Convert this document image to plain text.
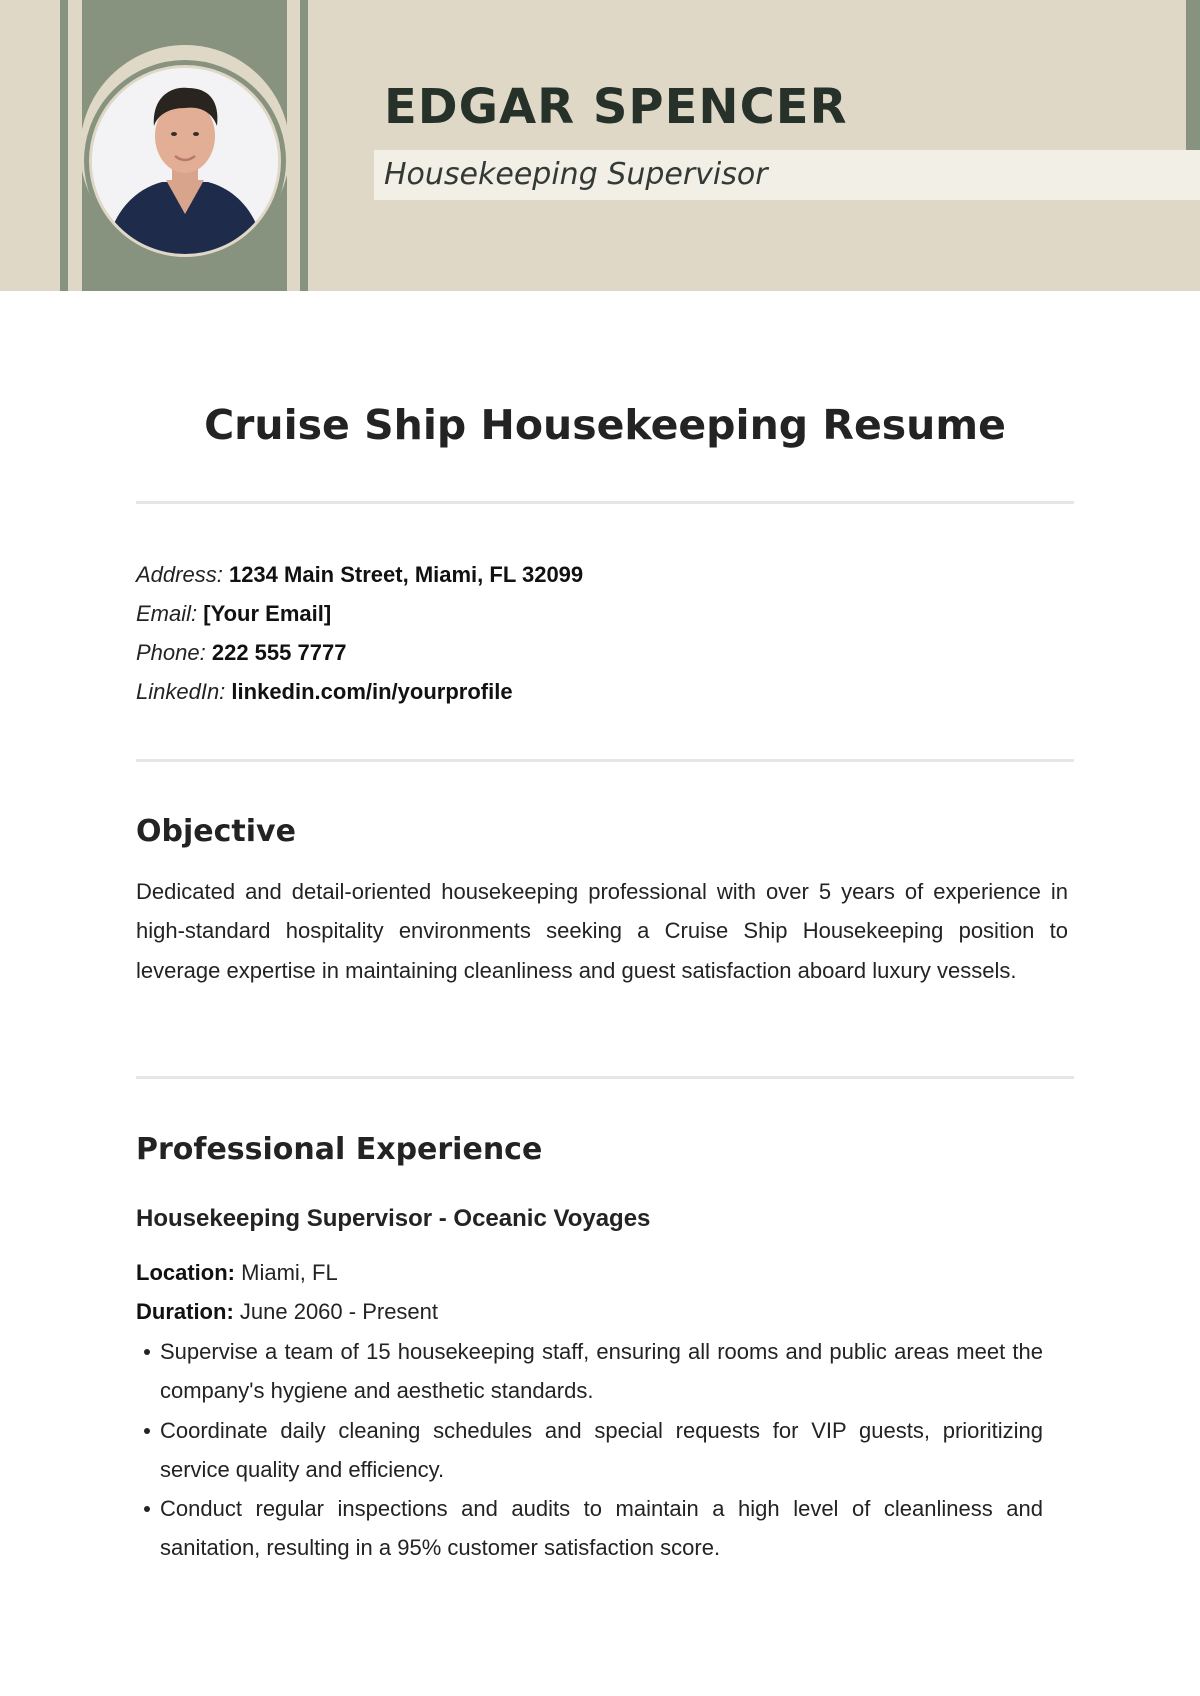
EDGAR SPENCER

Housekeeping Supervisor

Cruise Ship Housekeeping Resume
Address: 1234 Main Street, Miami, FL 32099
Email: [Your Email]
Phone: 222 555 7777
LinkedIn: linkedin.com/in/yourprofile
Objective

Dedicated and detail-oriented housekeeping professional with over 5 years of experience in high-standard hospitality environments seeking a Cruise Ship Housekeeping position to leverage expertise in maintaining cleanliness and guest satisfaction aboard luxury vessels.

Professional Experience
Housekeeping Supervisor - Oceanic Voyages
Location: Miami, FL
Duration: June 2060 - Present
Supervise a team of 15 housekeeping staff, ensuring all rooms and public areas meet the company's hygiene and aesthetic standards.
Coordinate daily cleaning schedules and special requests for VIP guests, prioritizing service quality and efficiency.
Conduct regular inspections and audits to maintain a high level of cleanliness and sanitation, resulting in a 95% customer satisfaction score.
